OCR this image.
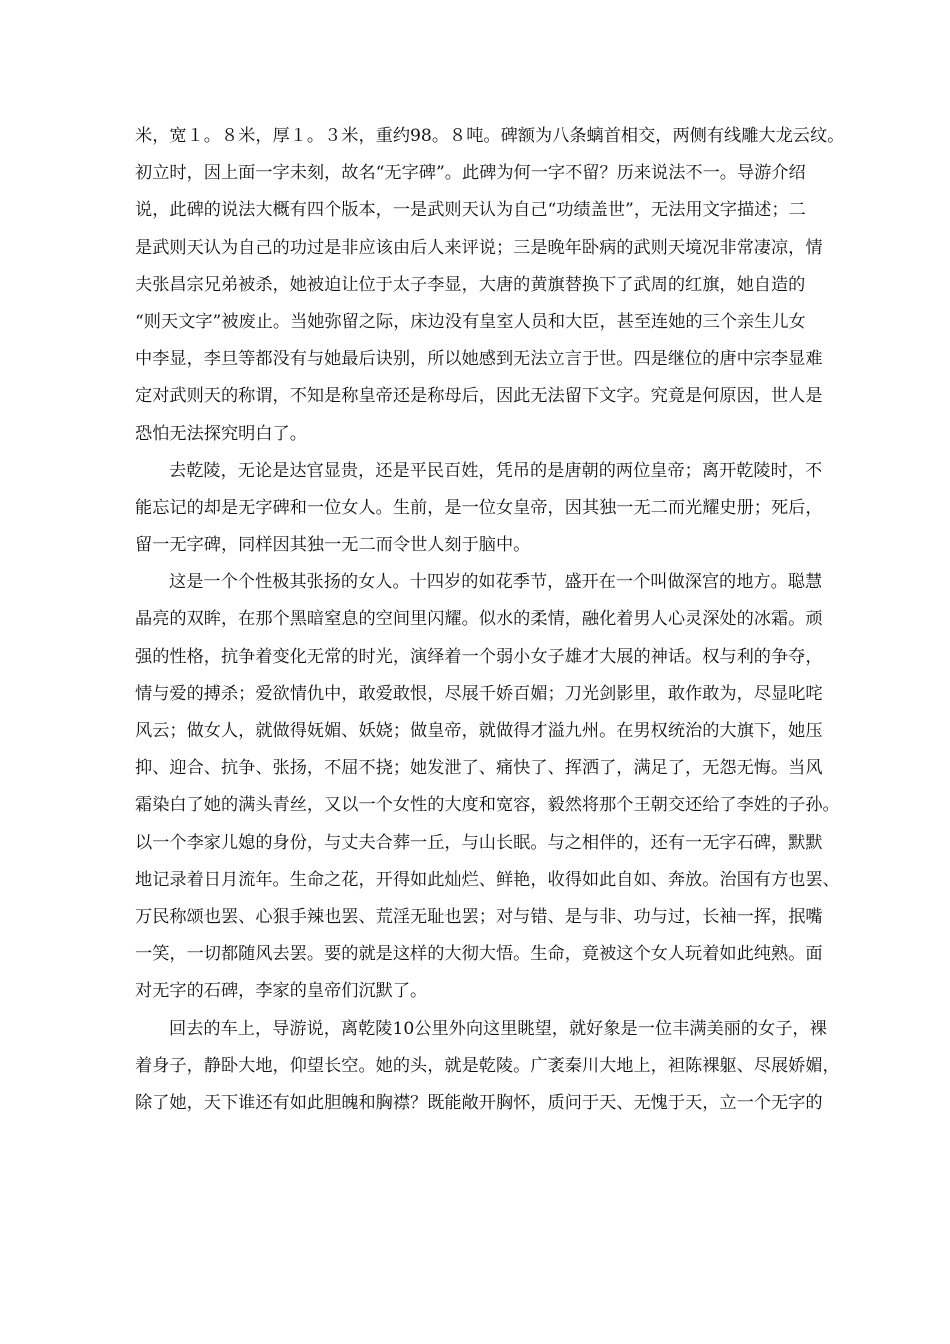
米，宽１。８米，厚１。３米，重约98。８吨。碑额为八条螭首相交，两侧有线雕大龙云纹。
初立时，因上面一字未刻，故名“无字碑”。此碑为何一字不留？历来说法不一。导游介绍
说，此碑的说法大概有四个版本，一是武则天认为自己“功绩盖世”，无法用文字描述；二
是武则天认为自己的功过是非应该由后人来评说；三是晚年卧病的武则天境况非常凄凉，情
夫张昌宗兄弟被杀，她被迫让位于太子李显，大唐的黄旗替换下了武周的红旗，她自造的
“则天文字”被废止。当她弥留之际，床边没有皇室人员和大臣，甚至连她的三个亲生儿女
中李显，李旦等都没有与她最后诀别，所以她感到无法立言于世。四是继位的唐中宗李显难
定对武则天的称谓，不知是称皇帝还是称母后，因此无法留下文字。究竟是何原因，世人是
恐怕无法探究明白了。
去乾陵，无论是达官显贵，还是平民百姓，凭吊的是唐朝的两位皇帝；离开乾陵时，不
能忘记的却是无字碑和一位女人。生前，是一位女皇帝，因其独一无二而光耀史册；死后，
留一无字碑，同样因其独一无二而令世人刻于脑中。
这是一个个性极其张扬的女人。十四岁的如花季节，盛开在一个叫做深宫的地方。聪慧
晶亮的双眸，在那个黑暗窒息的空间里闪耀。似水的柔情，融化着男人心灵深处的冰霜。顽
强的性格，抗争着变化无常的时光，演绎着一个弱小女子雄才大展的神话。权与利的争夺，
情与爱的搏杀；爱欲情仇中，敢爱敢恨，尽展千娇百媚；刀光剑影里，敢作敢为，尽显叱咤
风云；做女人，就做得妩媚、妖娆；做皇帝，就做得才溢九州。在男权统治的大旗下，她压
抑、迎合、抗争、张扬，不屈不挠；她发泄了、痛快了、挥洒了，满足了，无怨无悔。当风
霜染白了她的满头青丝，又以一个女性的大度和宽容，毅然将那个王朝交还给了李姓的子孙。
以一个李家儿媳的身份，与丈夫合葬一丘，与山长眠。与之相伴的，还有一无字石碑，默默
地记录着日月流年。生命之花，开得如此灿烂、鲜艳，收得如此自如、奔放。治国有方也罢、
万民称颂也罢、心狠手辣也罢、荒淫无耻也罢；对与错、是与非、功与过，长袖一挥，抿嘴
一笑，一切都随风去罢。要的就是这样的大彻大悟。生命，竟被这个女人玩着如此纯熟。面
对无字的石碑，李家的皇帝们沉默了。
回去的车上，导游说，离乾陵10公里外向这里眺望，就好象是一位丰满美丽的女子，裸
着身子，静卧大地，仰望长空。她的头，就是乾陵。广袤秦川大地上，袒陈裸躯、尽展娇媚，
除了她，天下谁还有如此胆魄和胸襟？既能敞开胸怀，质问于天、无愧于天，立一个无字的
